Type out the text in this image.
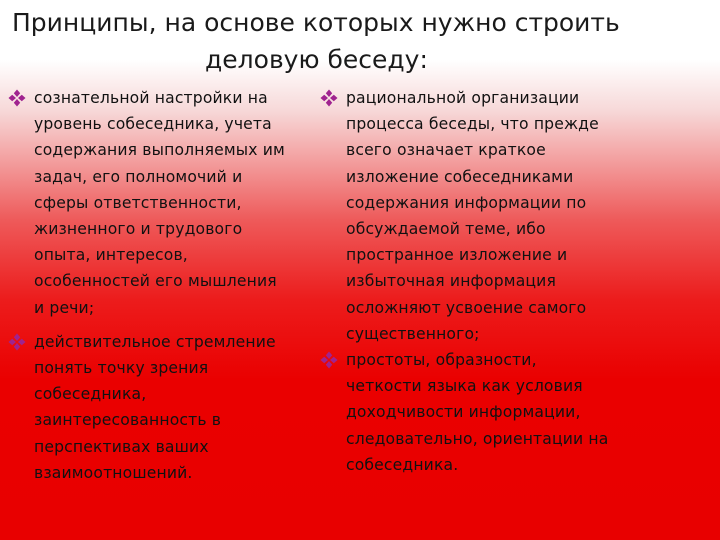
Принципы, на основе которых нужно строить
деловую беседу:
сознательной настройки на
уровень собеседника, учета
содержания выполняемых им
задач, его полномочий и
сферы ответственности,
жизненного и трудового
опыта, интересов,
особенностей его мышления
и речи;
действительное стремление
понять точку зрения
собеседника,
заинтересованность в
перспективах ваших
взаимоотношений.
рациональной организации
процесса беседы, что прежде
всего означает краткое
изложение собеседниками
содержания информации по
обсуждаемой теме, ибо
пространное изложение и
избыточная информация
осложняют усвоение самого
существенного;
простоты, образности,
четкости языка как условия
доходчивости информации,
следовательно, ориентации на
собеседника.
